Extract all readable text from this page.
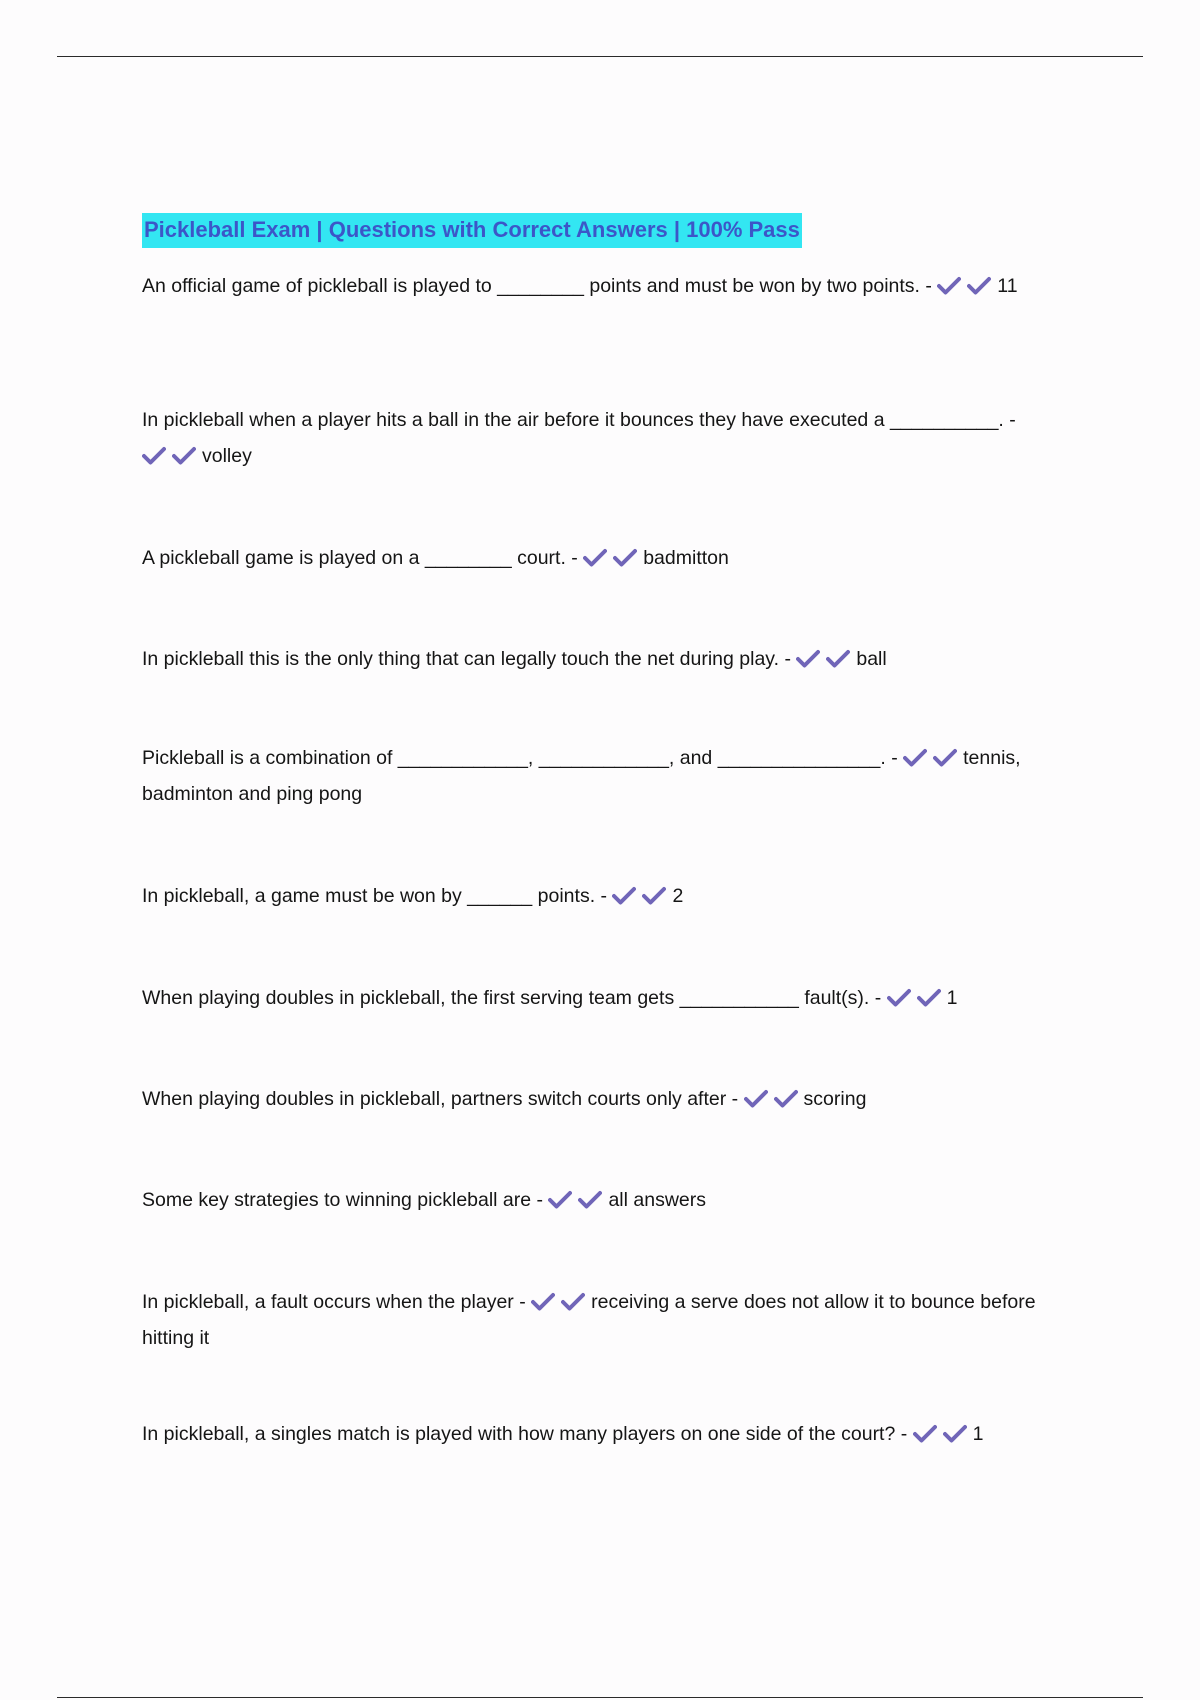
Pickleball Exam | Questions with Correct Answers | 100% Pass

An official game of pickleball is played to ________ points and must be won by two points. -	11

In pickleball when a player hits a ball in the air before it bounces they have executed a __________. -
volley

A pickleball game is played on a ________ court. -	badmitton

In pickleball this is the only thing that can legally touch the net during play. -	ball

Pickleball is a combination of ____________, ____________, and _______________. -	tennis, badminton and ping pong

In pickleball, a game must be won by ______ points. -	2

When playing doubles in pickleball, the first serving team gets ___________ fault(s). -	1

When playing doubles in pickleball, partners switch courts only after -	scoring

Some key strategies to winning pickleball are -	all answers

In pickleball, a fault occurs when the player -	receiving a serve does not allow it to bounce before hitting it

In pickleball, a singles match is played with how many players on one side of the court? -	1
